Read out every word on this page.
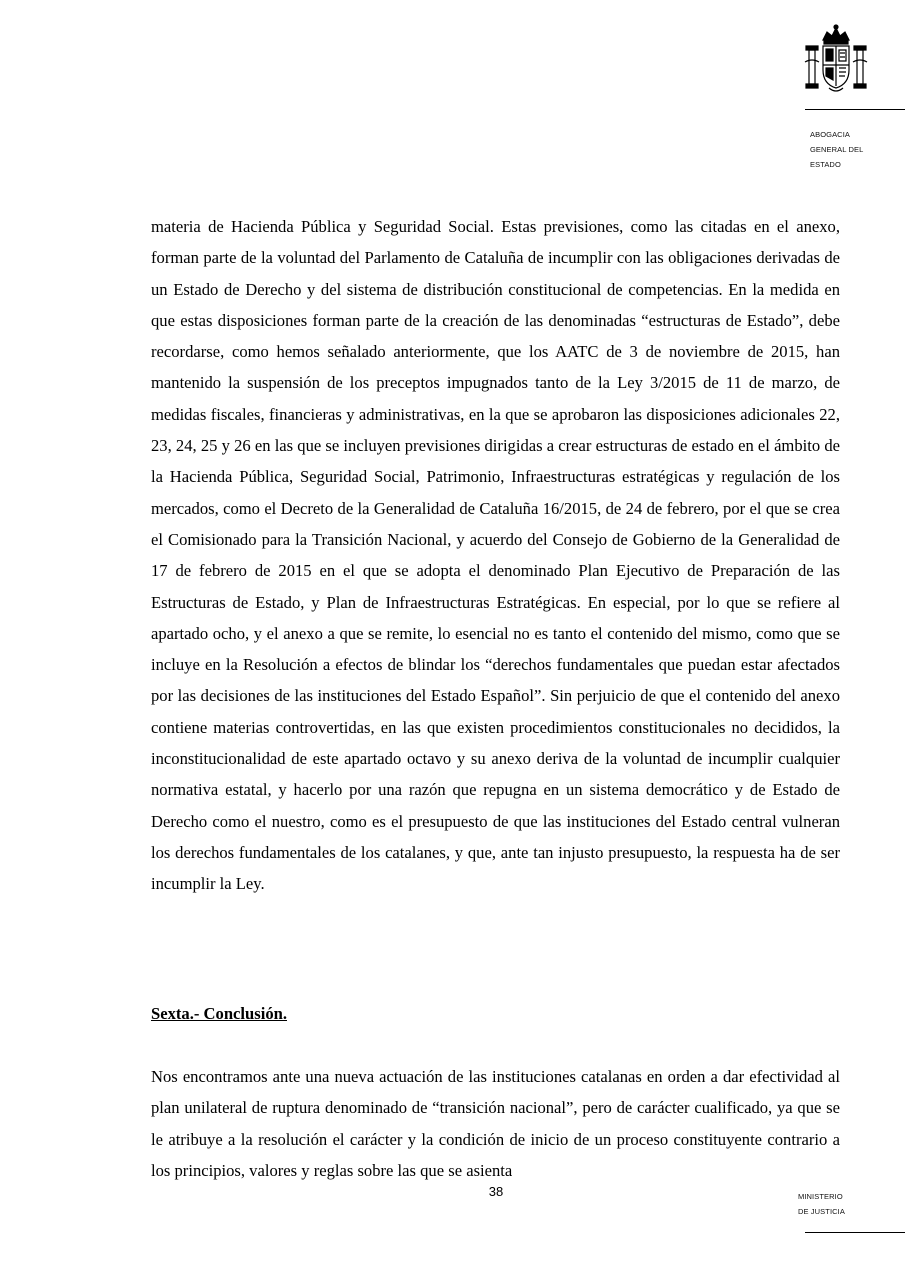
ABOGACIA
GENERAL DEL
ESTADO

materia de Hacienda Pública y Seguridad Social. Estas previsiones, como las citadas en el anexo, forman parte de la voluntad del Parlamento de Cataluña de incumplir con las obligaciones derivadas de un Estado de Derecho y del sistema de distribución constitucional de competencias. En la medida en que estas disposiciones forman parte de la creación de las denominadas “estructuras de Estado”, debe recordarse, como hemos señalado anteriormente, que los AATC de 3 de noviembre de 2015, han mantenido la suspensión de los preceptos impugnados tanto de la Ley 3/2015 de 11 de marzo, de medidas fiscales, financieras y administrativas, en la que se aprobaron las disposiciones adicionales 22, 23, 24, 25 y 26 en las que se incluyen previsiones dirigidas a crear estructuras de estado en el ámbito de la Hacienda Pública, Seguridad Social, Patrimonio, Infraestructuras estratégicas y regulación de los mercados, como el Decreto de la Generalidad de Cataluña 16/2015, de 24 de febrero, por el que se crea el Comisionado para la Transición Nacional, y acuerdo del Consejo de Gobierno de la Generalidad de 17 de febrero de 2015 en el que se adopta el denominado Plan Ejecutivo de Preparación de las Estructuras de Estado, y Plan de Infraestructuras Estratégicas. En especial, por lo que se refiere al apartado ocho, y el anexo a que se remite, lo esencial no es tanto el contenido del mismo, como que se incluye en la Resolución a efectos de blindar los “derechos fundamentales que puedan estar afectados por las decisiones de las instituciones del Estado Español”. Sin perjuicio de que el contenido del anexo contiene materias controvertidas, en las que existen procedimientos constitucionales no decididos, la inconstitucionalidad de este apartado octavo y su anexo deriva de la voluntad de incumplir cualquier normativa estatal, y hacerlo por una razón que repugna en un sistema democrático y de Estado de Derecho como el nuestro, como es el presupuesto de que las instituciones del Estado central vulneran los derechos fundamentales de los catalanes, y que, ante tan injusto presupuesto, la respuesta ha de ser incumplir la Ley.

Sexta.- Conclusión.

Nos encontramos ante una nueva actuación de las instituciones catalanas en orden a dar efectividad al plan unilateral de ruptura denominado de “transición nacional”, pero de carácter cualificado, ya que se le atribuye a la resolución el carácter y la condición de inicio de un proceso constituyente contrario a los principios, valores y reglas sobre las que se asienta

38	MINISTERIO
DE JUSTICIA
